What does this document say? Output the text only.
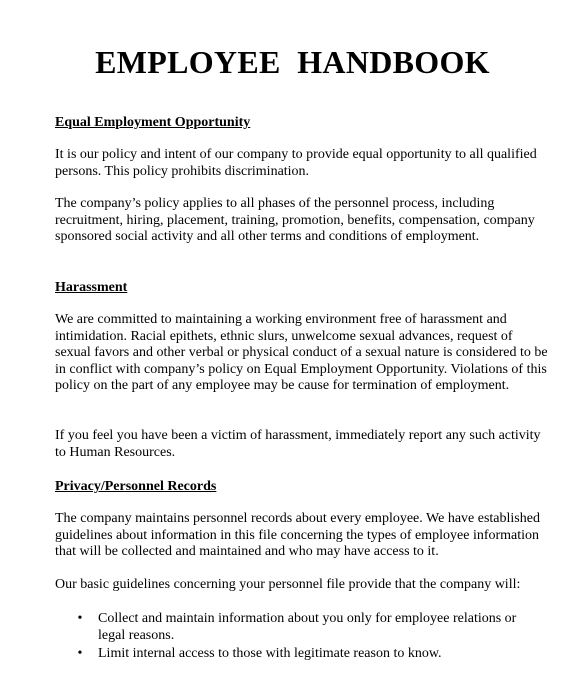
EMPLOYEE  HANDBOOK
Equal Employment Opportunity

It is our policy and intent of our company to provide equal opportunity to all qualified persons. This policy prohibits discrimination.

The company’s policy applies to all phases of the personnel process, including recruitment, hiring, placement, training, promotion, benefits, compensation, company sponsored social activity and all other terms and conditions of employment.

Harassment

We are committed to maintaining a working environment free of harassment and intimidation. Racial epithets, ethnic slurs, unwelcome sexual advances, request of sexual favors and other verbal or physical conduct of a sexual nature is considered to be in conflict with company’s policy on Equal Employment Opportunity. Violations of this policy on the part of any employee may be cause for termination of employment.

If you feel you have been a victim of harassment, immediately report any such activity to Human Resources.

Privacy/Personnel Records

The company maintains personnel records about every employee. We have established guidelines about information in this file concerning the types of employee information that will be collected and maintained and who may have access to it.

Our basic guidelines concerning your personnel file provide that the company will:

• Collect and maintain information about you only for employee relations or legal reasons.
• Limit internal access to those with legitimate reason to know.
